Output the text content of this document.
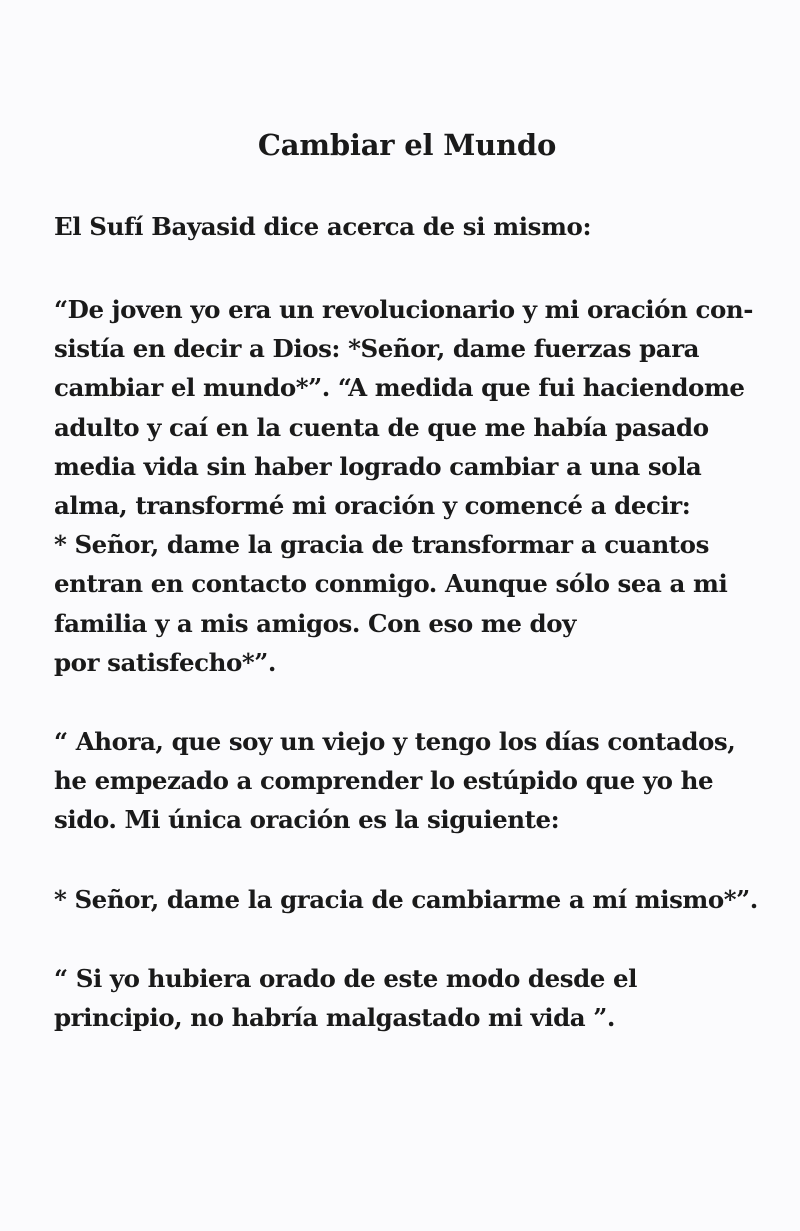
Cambiar el Mundo

El Sufí Bayasid dice acerca de si mismo:

“De joven yo era un revolucionario y mi oración con-
sistía en decir a Dios: *Señor, dame fuerzas para
cambiar el mundo*”. “A medida que fui haciendome
adulto y caí en la cuenta de que me había pasado
media vida sin haber logrado cambiar a una sola
alma, transformé mi oración y comencé a decir:
* Señor, dame la gracia de transformar a cuantos
entran en contacto conmigo. Aunque sólo sea a mi
familia y a mis amigos. Con eso me doy
por satisfecho*”.
“ Ahora, que soy un viejo y tengo los días contados,
he empezado a comprender lo estúpido que yo he
sido. Mi única oración es la siguiente:
* Señor, dame la gracia de cambiarme a mí mismo*”.
“ Si yo hubiera orado de este modo desde el
principio, no habría malgastado mi vida ”.
